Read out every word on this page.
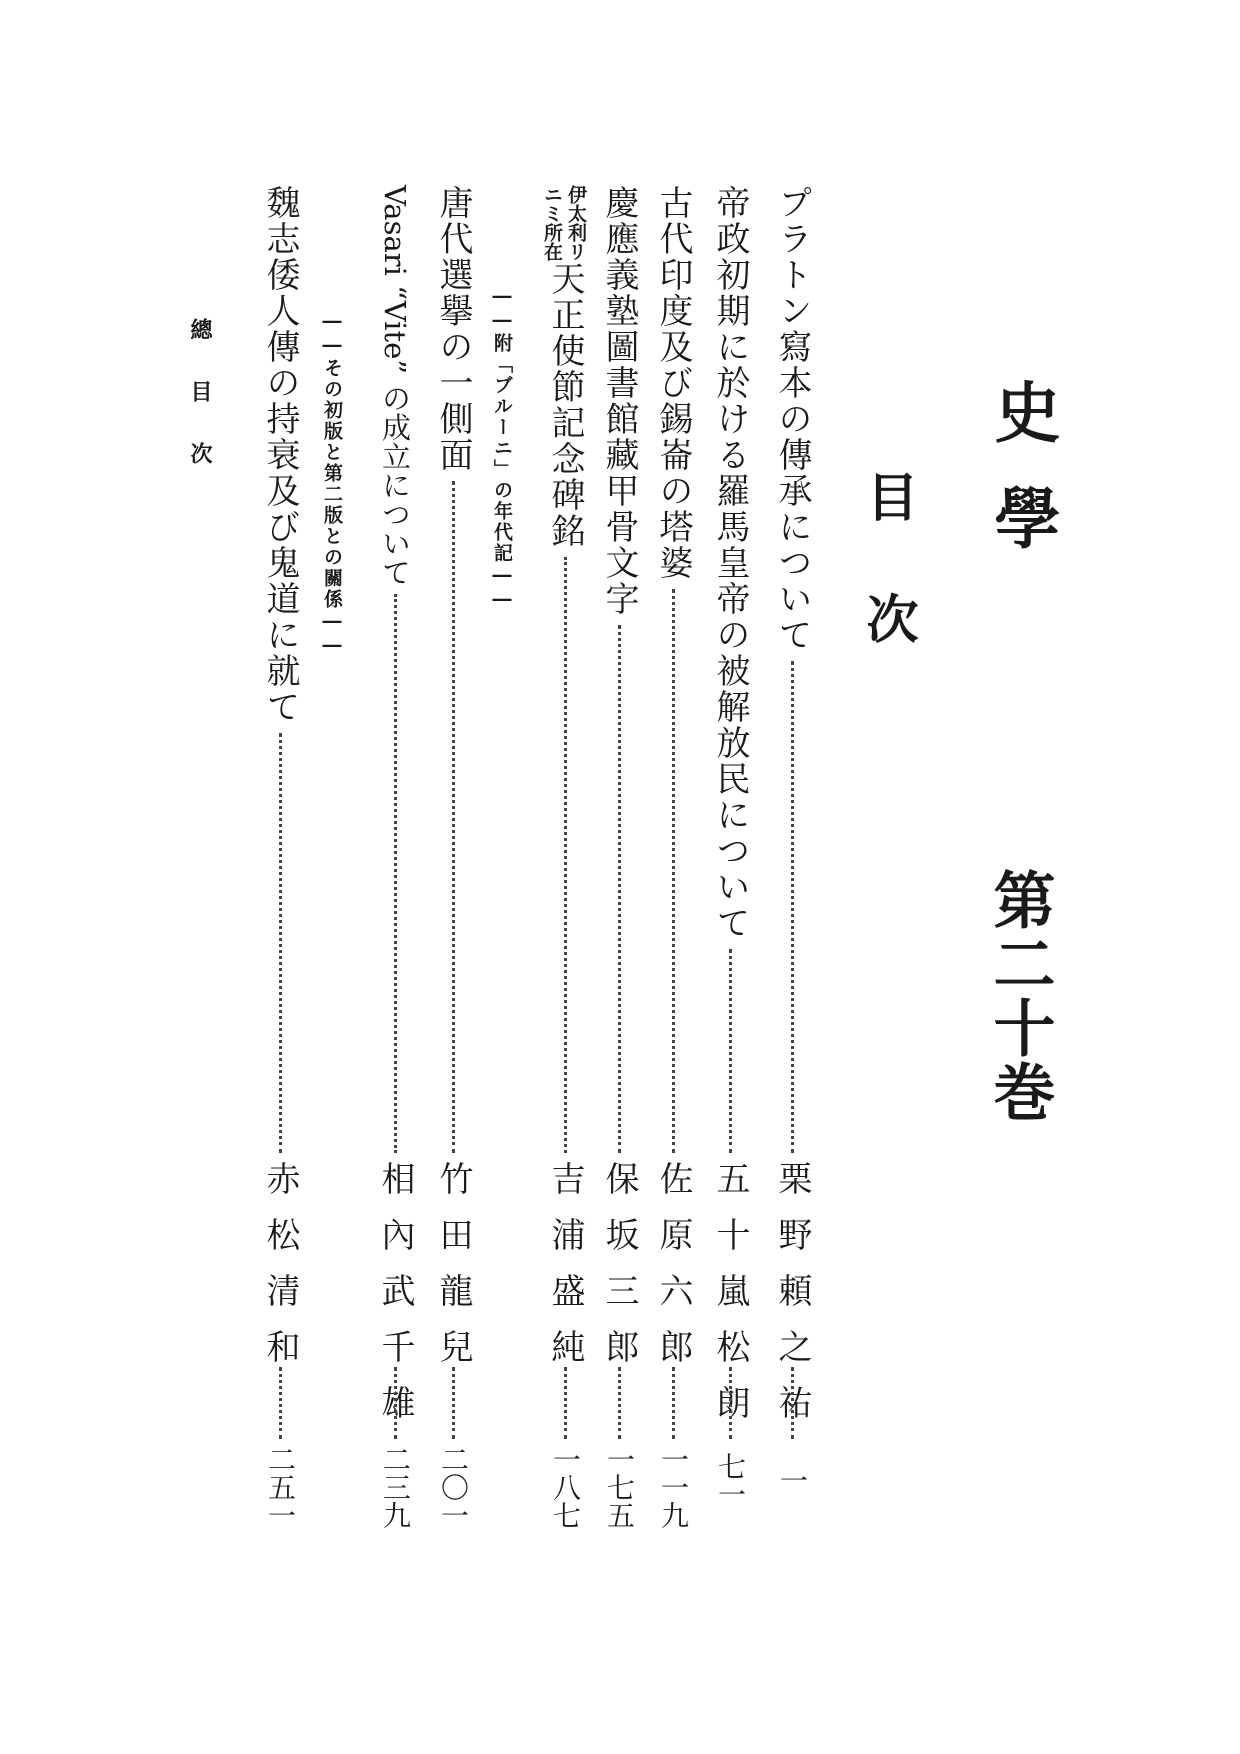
史學
第二十巻
目次
プラトン寫本の傳承について
栗野頼之祐
一
帝政初期に於ける羅馬皇帝の被解放民について
五十嵐松朗
七一
古代印度及び錫崙の塔婆
佐原六郎
一一九
慶應義塾圖書館藏甲骨文字
保坂三郎
一七五
伊太利リ
ニミ所在
天正使節記念碑銘
吉浦盛純
一八七
――附「ブルーニ」の年代記――
唐代選擧の一側面
竹田龍兒
二〇一
Vasari “Vite” の成立について
相內武千雄
二三九
――その初版と第二版との關係――
魏志倭人傳の持衰及び鬼道に就て
赤松清和
二五一
總目次
